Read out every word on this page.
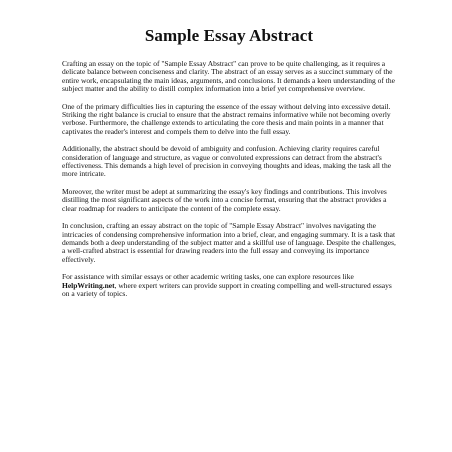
Sample Essay Abstract

Crafting an essay on the topic of "Sample Essay Abstract" can prove to be quite challenging, as it requires a delicate balance between conciseness and clarity. The abstract of an essay serves as a succinct summary of the entire work, encapsulating the main ideas, arguments, and conclusions. It demands a keen understanding of the subject matter and the ability to distill complex information into a brief yet comprehensive overview.

One of the primary difficulties lies in capturing the essence of the essay without delving into excessive detail. Striking the right balance is crucial to ensure that the abstract remains informative while not becoming overly verbose. Furthermore, the challenge extends to articulating the core thesis and main points in a manner that captivates the reader's interest and compels them to delve into the full essay.

Additionally, the abstract should be devoid of ambiguity and confusion. Achieving clarity requires careful consideration of language and structure, as vague or convoluted expressions can detract from the abstract's effectiveness. This demands a high level of precision in conveying thoughts and ideas, making the task all the more intricate.

Moreover, the writer must be adept at summarizing the essay's key findings and contributions. This involves distilling the most significant aspects of the work into a concise format, ensuring that the abstract provides a clear roadmap for readers to anticipate the content of the complete essay.

In conclusion, crafting an essay abstract on the topic of "Sample Essay Abstract" involves navigating the intricacies of condensing comprehensive information into a brief, clear, and engaging summary. It is a task that demands both a deep understanding of the subject matter and a skillful use of language. Despite the challenges, a well-crafted abstract is essential for drawing readers into the full essay and conveying its importance effectively.

For assistance with similar essays or other academic writing tasks, one can explore resources like HelpWriting.net, where expert writers can provide support in creating compelling and well-structured essays on a variety of topics.
